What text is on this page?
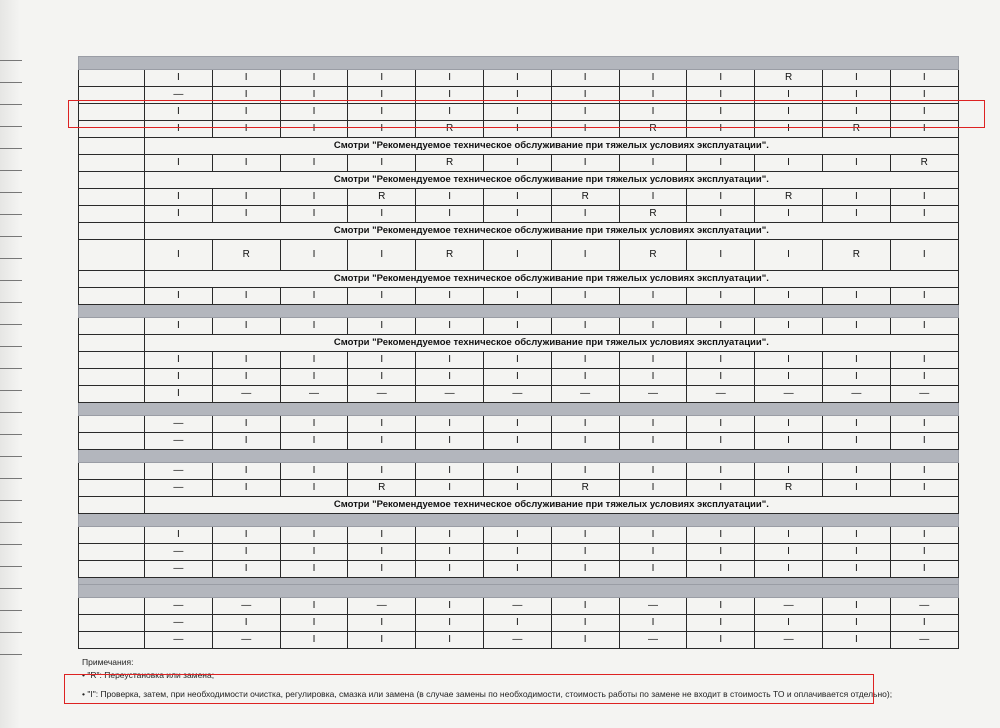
	I	I	I	I	I	I	I	I	I	R	I	I
	—	I	I	I	I	I	I	I	I	I	I	I
	I	I	I	I	I	I	I	I	I	I	I	I
	I	I	I	I	R	I	I	R	I	I	R	I
	Смотри "Рекомендуемое техническое обслуживание при тяжелых условиях эксплуатации".											
	I	I	I	I	R	I	I	I	I	I	I	R
	Смотри "Рекомендуемое техническое обслуживание при тяжелых условиях эксплуатации".											
	I	I	I	R	I	I	R	I	I	R	I	I
	I	I	I	I	I	I	I	R	I	I	I	I
	Смотри "Рекомендуемое техническое обслуживание при тяжелых условиях эксплуатации".											
	I	R	I	I	R	I	I	R	I	I	R	I
	Смотри "Рекомендуемое техническое обслуживание при тяжелых условиях эксплуатации".											
	I	I	I	I	I	I	I	I	I	I	I	I

	I	I	I	I	I	I	I	I	I	I	I	I
	Смотри "Рекомендуемое техническое обслуживание при тяжелых условиях эксплуатации".											
	I	I	I	I	I	I	I	I	I	I	I	I
	I	I	I	I	I	I	I	I	I	I	I	I
	I	—	—	—	—	—	—	—	—	—	—	—

	—	I	I	I	I	I	I	I	I	I	I	I
	—	I	I	I	I	I	I	I	I	I	I	I

	—	I	I	I	I	I	I	I	I	I	I	I
	—	I	I	R	I	I	R	I	I	R	I	I
	Смотри "Рекомендуемое техническое обслуживание при тяжелых условиях эксплуатации".											

	I	I	I	I	I	I	I	I	I	I	I	I
	—	I	I	I	I	I	I	I	I	I	I	I
	—	I	I	I	I	I	I	I	I	I	I	I

	—	—	I	—	I	—	I	—	I	—	I	—
	—	I	I	I	I	I	I	I	I	I	I	I
	—	—	I	I	I	—	I	—	I	—	I	—
Примечания:
• "R": Переустановка или замена;
• "I": Проверка, затем, при необходимости очистка, регулировка, смазка или замена (в случае замены по необходимости, стоимость работы по замене не входит в стоимость ТО и оплачивается отдельно);
